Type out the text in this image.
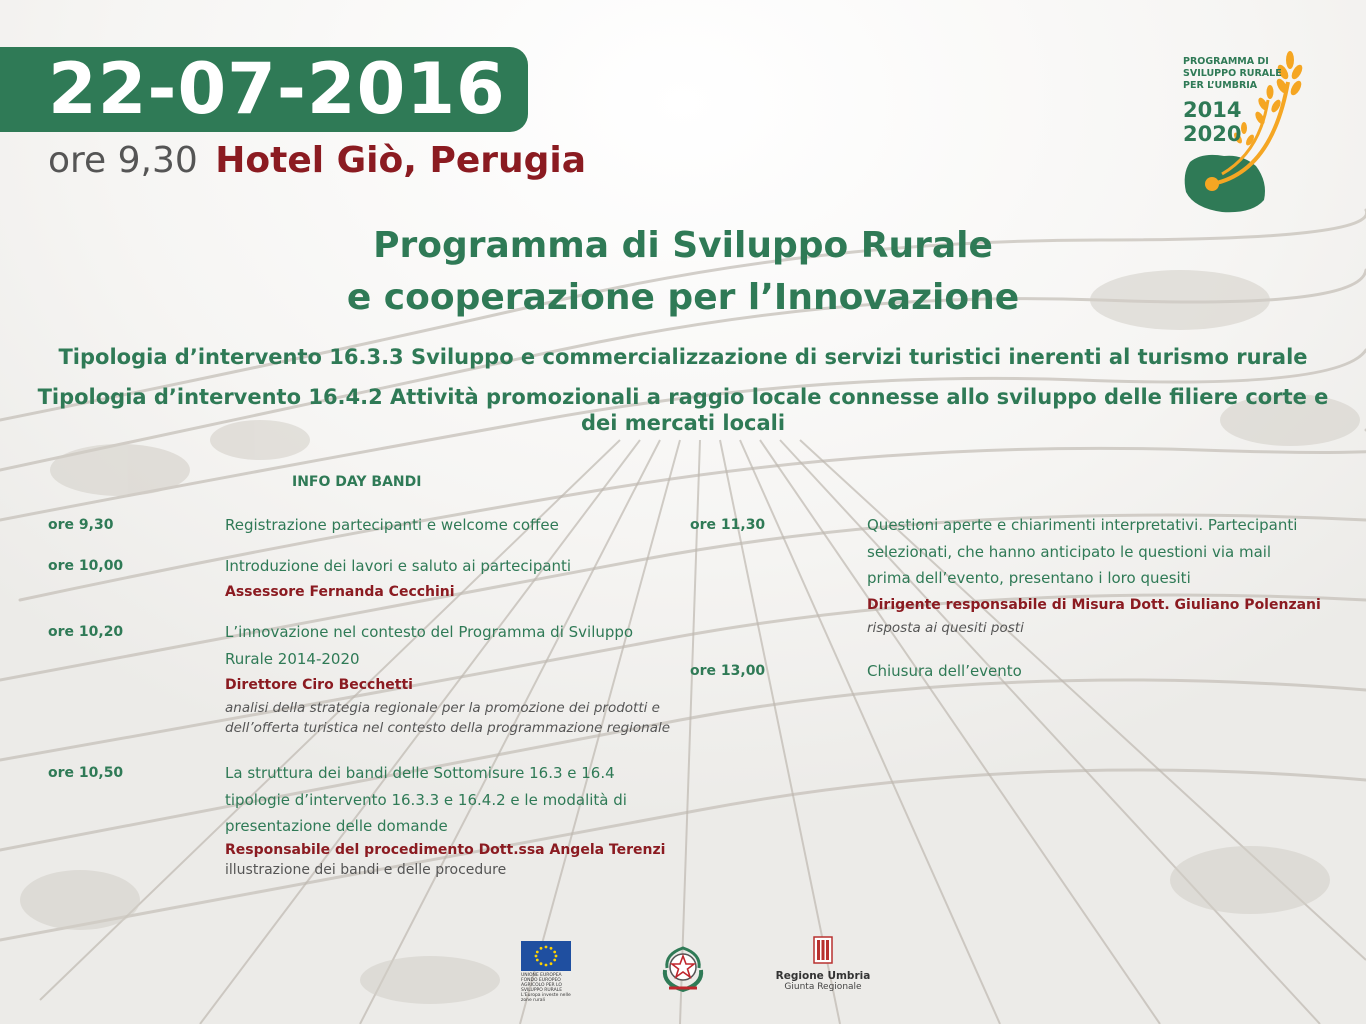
22-07-2016
ore 9,30 Hotel Giò, Perugia
PROGRAMMA DI
SVILUPPO RURALE
PER L’UMBRIA
2014
2020
Programma di Sviluppo Rurale
e cooperazione per l’Innovazione
Tipologia d’intervento 16.3.3 Sviluppo e commercializzazione di servizi turistici inerenti al turismo rurale
Tipologia d’intervento 16.4.2 Attività promozionali a raggio locale connesse allo sviluppo delle filiere corte e dei mercati locali
INFO DAY BANDI
ore 9,30	Registrazione partecipanti e welcome coffee
ore 10,00	Introduzione dei lavori e saluto ai partecipanti
Assessore Fernanda Cecchini
ore 10,20	L’innovazione nel contesto del Programma di Sviluppo Rurale 2014-2020
Direttore Ciro Becchetti
analisi della strategia regionale per la promozione dei prodotti e dell’offerta turistica nel contesto della programmazione regionale
ore 10,50	La struttura dei bandi delle Sottomisure 16.3 e 16.4 tipologie d’intervento 16.3.3 e 16.4.2 e le modalità di presentazione delle domande
Responsabile del procedimento Dott.ssa Angela Terenzi
illustrazione dei bandi e delle procedure
ore 11,30	Questioni aperte e chiarimenti interpretativi. Partecipanti selezionati, che hanno anticipato le questioni via mail prima dell’evento, presentano i loro quesiti
Dirigente responsabile di Misura Dott. Giuliano Polenzani
risposta ai quesiti posti
ore 13,00	Chiusura dell’evento
UNIONE EUROPEA FONDO EUROPEO AGRICOLO PER LO SVILUPPO RURALE L'Europa investe nelle zone rurali
Regione Umbria
Giunta Regionale
